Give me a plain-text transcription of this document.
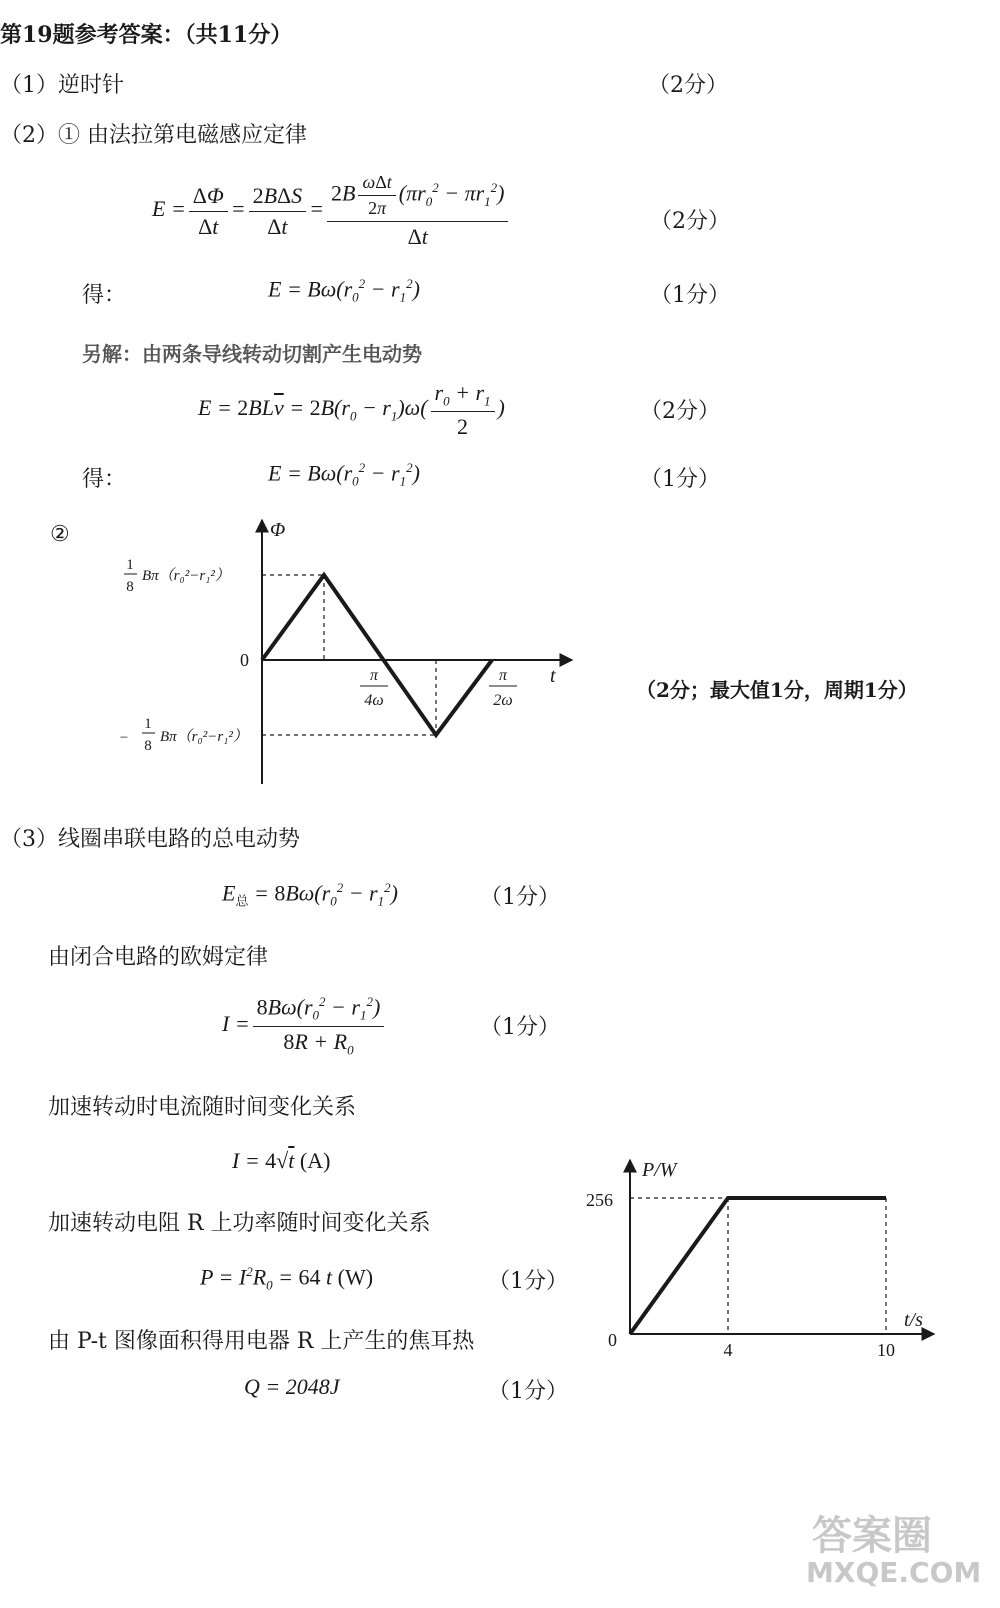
第19题参考答案：（共11分）
（1）逆时针	（2分）
（2）① 由法拉第电磁感应定律
$E = \frac{\Delta\Phi}{\Delta t} = \frac{\text{2BΔS}}{\Delta t} = \frac{2B \frac{\text{ωΔt}}{2\pi} (\pi r_0^2 - \pi r_1^2)}{\Delta t}$	（2分）
得：	$E = B\omega(r_0^2 - r_1^2)$	（1分）
另解：由两条导线转动切割产生电动势
$E = 2BL\overline{v} = 2B(r_0 - r_1)\omega( \frac{r_0 + r_1}{2}$ )	（2分）
得：	$E = B\omega(r_0^2 - r_1^2)$	（1分）
②	Φ
t
0
1
8
Bπ（r₀²−r₁²）
−
1
8
Bπ（r₀²−r₁²）
π
4ω
π
2ω	（2分；最大值1分，周期1分）
（3）线圈串联电路的总电动势
$E_总 = 8B\omega(r_0^2 - r_1^2)$	（1分）
由闭合电路的欧姆定律
$I = \frac{8B\omega(r_0^2 - r_1^2)}{8R + R_0}$	（1分）
加速转动时电流随时间变化关系
I = 4√t (A)
加速转动电阻 R 上功率随时间变化关系
$P = I^2R_0 = 64$ t (W)	（1分）
由 P-t 图像面积得用电器 R 上产生的焦耳热
Q = 2048J	（1分）
P/W
t/s
0
256
4	10
答案圈
MXQE.COM
